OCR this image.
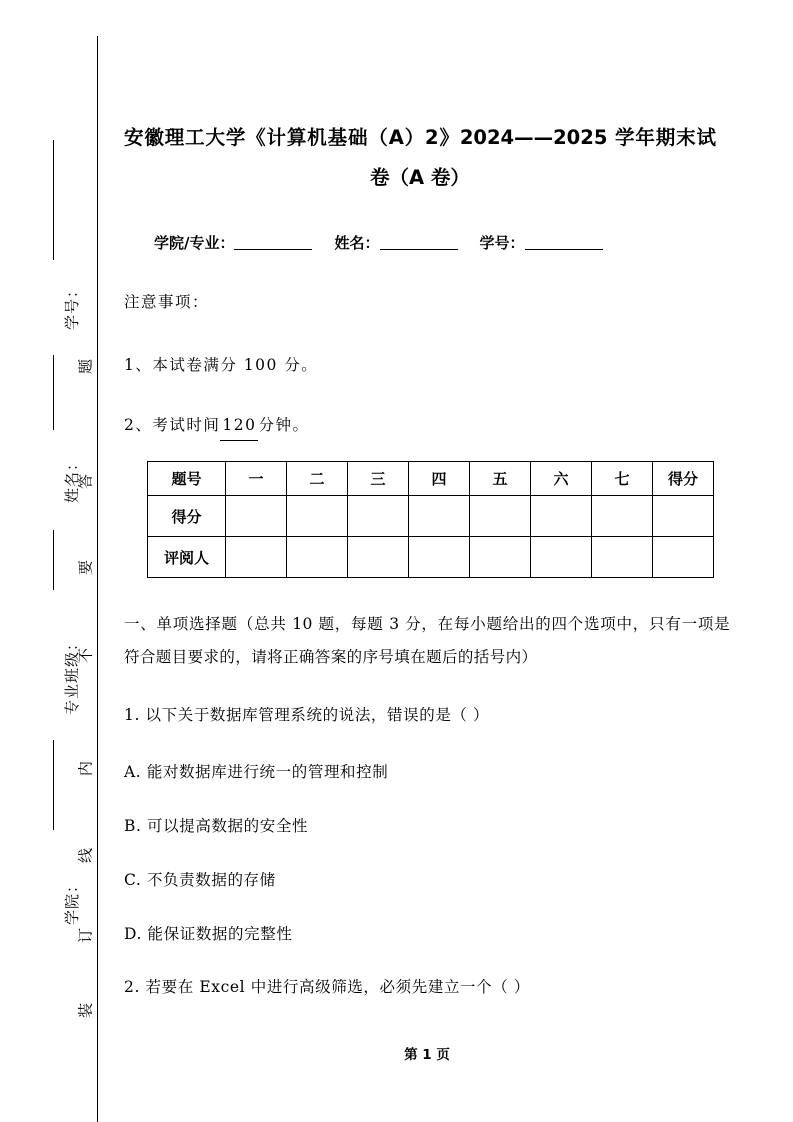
学号：
姓名：
专业班级：
学院：
题
答
要
不
内
线
订
装
安徽理工大学《计算机基础（A）2》2024——2025 学年期末试卷（A 卷）
学院/专业：	姓名：	学号：
注意事项：
1、本试卷满分 100 分。
2、考试时间 120 分钟。
题号	一	二	三	四	五	六	七	得分
得分								
评阅人								
一、单项选择题（总共 10 题，每题 3 分，在每小题给出的四个选项中，只有一项是符合题目要求的，请将正确答案的序号填在题后的括号内）
1. 以下关于数据库管理系统的说法，错误的是（ ）
A. 能对数据库进行统一的管理和控制
B. 可以提高数据的安全性
C. 不负责数据的存储
D. 能保证数据的完整性
2. 若要在 Excel 中进行高级筛选，必须先建立一个（ ）
第 1 页
